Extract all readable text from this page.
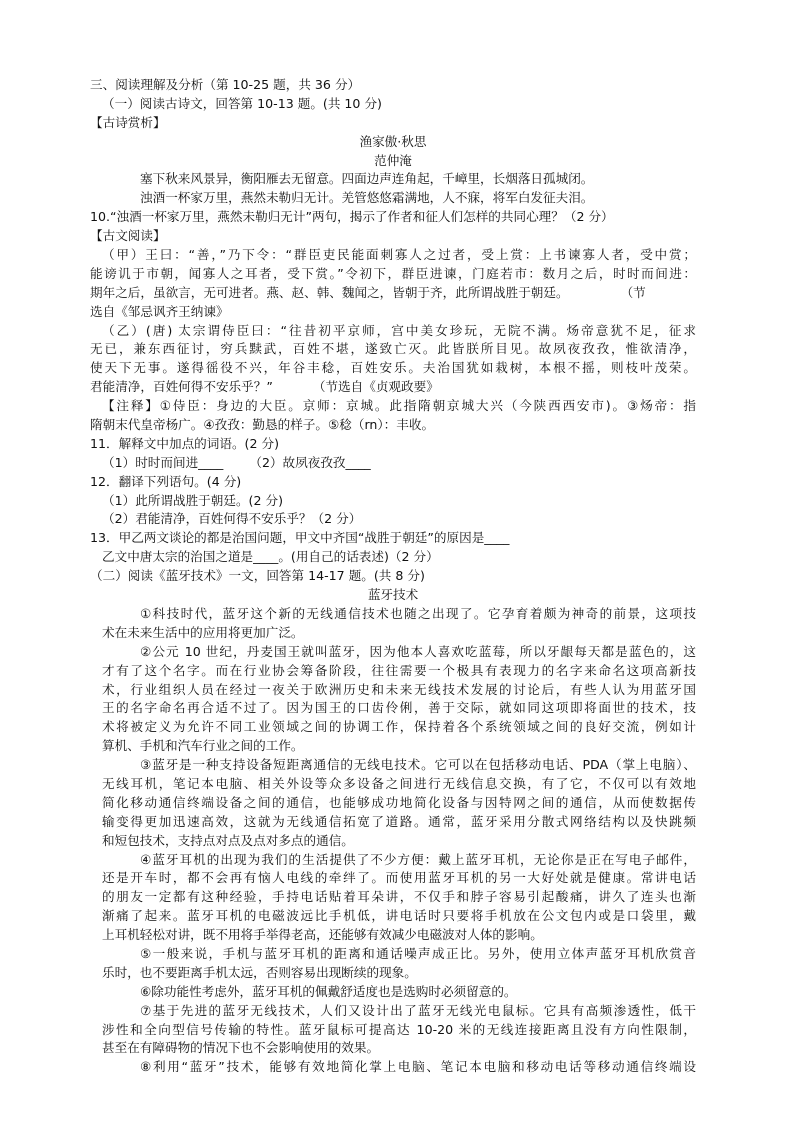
三、阅读理解及分析（第 10-25 题，共 36 分）
（一）阅读古诗文，回答第 10-13 题。(共 10 分)
【古诗赏析】
渔家傲·秋思
范仲淹
塞下秋来风景异，衡阳雁去无留意。四面边声连角起，千嶂里，长烟落日孤城闭。
浊酒一杯家万里，燕然未勒归无计。羌管悠悠霜满地，人不寐，将军白发征夫泪。
10.“浊酒一杯家万里，燕然未勒归无计”两句，揭示了作者和征人们怎样的共同心理？（2 分）
【古文阅读】
（甲）王曰：“善，”乃下令：“群臣吏民能面刺寡人之过者，受上赏：上书谏寡人者，受中赏；
能谤讥于市朝，闻寡人之耳者，受下赏。”令初下，群臣进谏，门庭若市：数月之后，时时而间进：
期年之后，虽欲言，无可进者。燕、赵、韩、魏闻之，皆朝于齐，此所谓战胜于朝廷。	（节
选自《邹忌讽齐王纳谏》
（乙）(唐) 太宗谓侍臣曰：“往昔初平京师，宫中美女珍玩，无院不满。炀帝意犹不足，征求
无已，兼东西征讨，穷兵黩武，百姓不堪，遂致亡灭。此皆朕所目见。故夙夜孜孜，惟欲清净，
使天下无事。遂得徭役不兴，年谷丰稔，百姓安乐。夫治国犹如栽树，本根不摇，则枝叶茂荣。
君能清净，百姓何得不安乐乎？”	（节选自《贞观政要》
【注释】①侍臣：身边的大臣。京师：京城。此指隋朝京城大兴（今陕西西安市)。③炀帝：指
隋朝末代皇帝杨广。④孜孜：勤恳的样子。⑤稔（rn）：丰收。
11．解释文中加点的词语。(2 分)
（1）时时而间进____ （2）故夙夜孜孜____
12．翻译下列语句。(4 分)
（1）此所谓战胜于朝廷。(2 分)
（2）君能清净，百姓何得不安乐乎？（2 分）
13．甲乙两文谈论的都是治国问题，甲文中齐国“战胜于朝廷”的原因是____
乙文中唐太宗的治国之道是____。(用自己的话表述)（2 分）
（二）阅读《蓝牙技术》一文，回答第 14-17 题。(共 8 分)
蓝牙技术
①科技时代，蓝牙这个新的无线通信技术也随之出现了。它孕育着颇为神奇的前景，这项技
术在未来生活中的应用将更加广泛。
②公元 10 世纪，丹麦国王就叫蓝牙，因为他本人喜欢吃蓝莓，所以牙龈每天都是蓝色的，这
才有了这个名字。而在行业协会筹备阶段，往往需要一个极具有表现力的名字来命名这项高新技
术，行业组织人员在经过一夜关于欧洲历史和未来无线技术发展的讨论后，有些人认为用蓝牙国
王的名字命名再合适不过了。因为国王的口齿伶俐，善于交际，就如同这项即将面世的技术，技
术将被定义为允许不同工业领域之间的协调工作，保持着各个系统领域之间的良好交流，例如计
算机、手机和汽车行业之间的工作。
③蓝牙是一种支持设备短距离通信的无线电技术。它可以在包括移动电话、PDA（掌上电脑）、
无线耳机，笔记本电脑、相关外设等众多设备之间进行无线信息交换，有了它，不仅可以有效地
简化移动通信终端设备之间的通信，也能够成功地简化设备与因特网之间的通信，从而使数据传
输变得更加迅速高效，这就为无线通信拓宽了道路。通常，蓝牙采用分散式网络结构以及快跳频
和短包技术，支持点对点及点对多点的通信。
④蓝牙耳机的出现为我们的生活提供了不少方便：戴上蓝牙耳机，无论你是正在写电子邮件，
还是开车时，都不会再有恼人电线的牵绊了。而使用蓝牙耳机的另一大好处就是健康。常讲电话
的朋友一定都有这种经验，手持电话贴着耳朵讲，不仅手和脖子容易引起酸痛，讲久了连头也渐
渐痛了起来。蓝牙耳机的电磁波远比手机低，讲电话时只要将手机放在公文包内或是口袋里，戴
上耳机轻松对讲，既不用将手举得老高，还能够有效减少电磁波对人体的影响。
⑤一般来说，手机与蓝牙耳机的距离和通话噪声成正比。另外，使用立体声蓝牙耳机欣赏音
乐时，也不要距离手机太远，否则容易出现断续的现象。
⑥除功能性考虑外，蓝牙耳机的佩戴舒适度也是选购时必须留意的。
⑦基于先进的蓝牙无线技术，人们又设计出了蓝牙无线光电鼠标。它具有高频渗透性，低干
涉性和全向型信号传输的特性。蓝牙鼠标可提高达 10-20 米的无线连接距离且没有方向性限制，
甚至在有障碍物的情况下也不会影响使用的效果。
⑧利用“蓝牙”技术，能够有效地简化掌上电脑、笔记本电脑和移动电话等移动通信终端设
